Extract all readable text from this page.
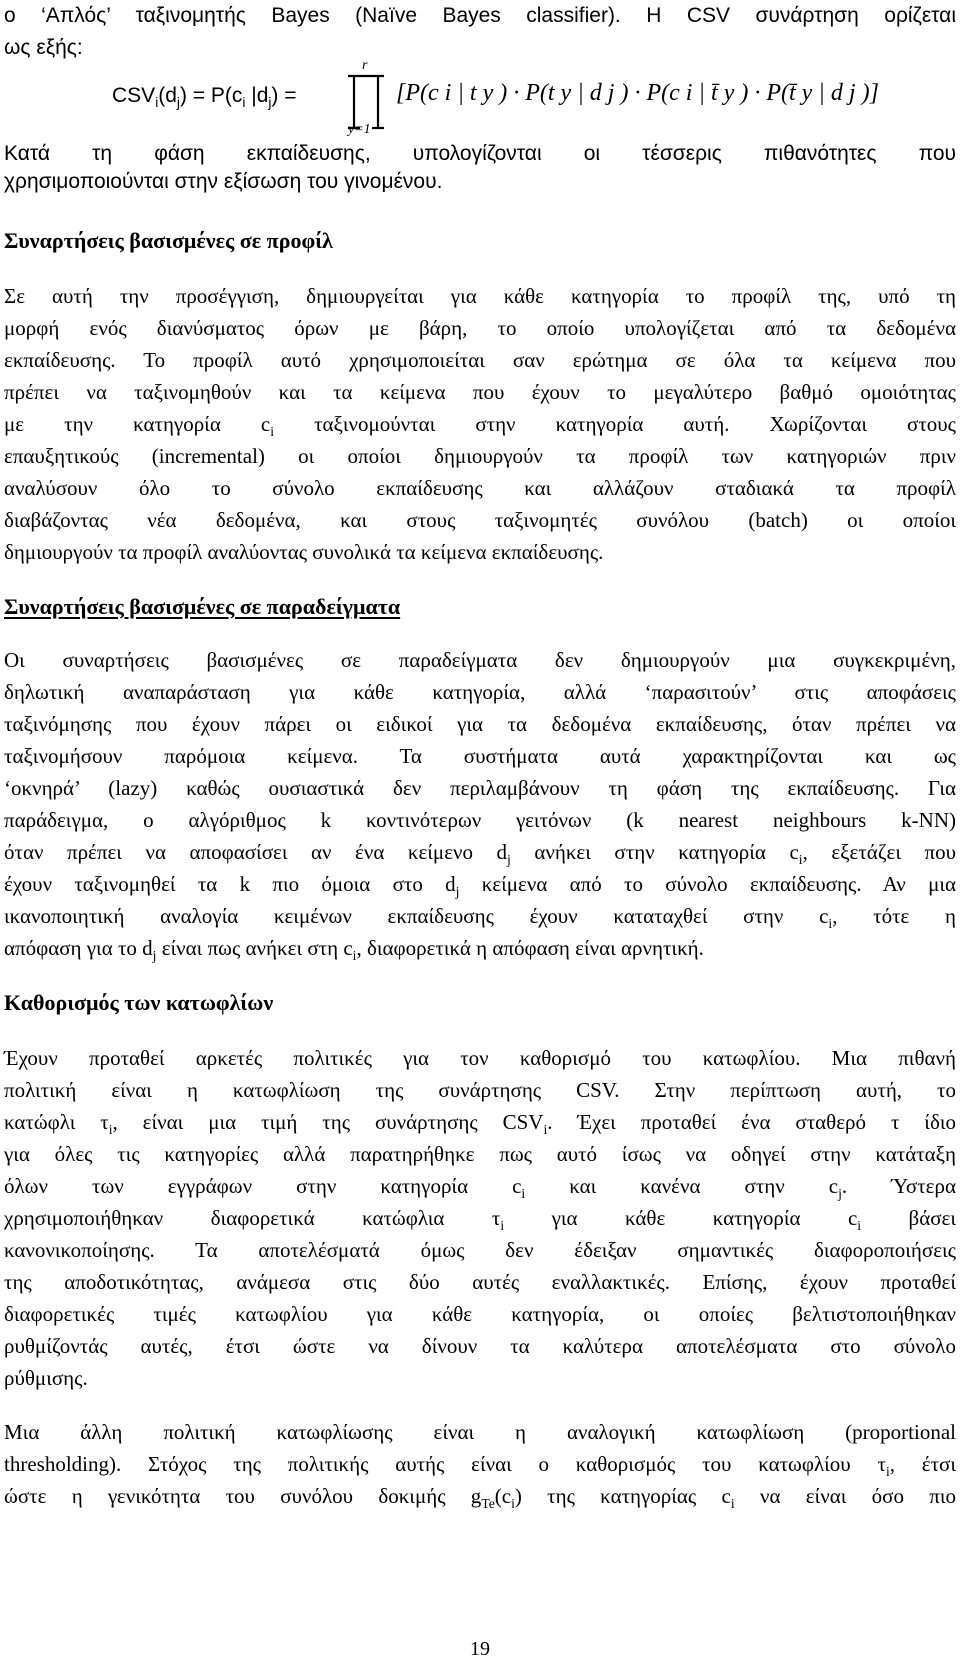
ο ‘Απλός’ ταξινομητής Bayes (Naïve Bayes classifier). Η CSV συνάρτηση ορίζεται
ως εξής:
$CSV_i(d_j) = P(c_i$ $|d_j$) =
r
y=1
[P(c i | t y ) · P(t y | d j ) · P(c i | t̄ y ) · P(t̄ y | d j )]
Κατά τη φάση εκπαίδευσης, υπολογίζονται οι τέσσερις πιθανότητες που
χρησιμοποιούνται στην εξίσωση του γινομένου.
Συναρτήσεις βασισμένες σε προφίλ
Σε αυτή την προσέγγιση, δημιουργείται για κάθε κατηγορία το προφίλ της, υπό τη
μορφή ενός διανύσματος όρων με βάρη, το οποίο υπολογίζεται από τα δεδομένα
εκπαίδευσης. Το προφίλ αυτό χρησιμοποιείται σαν ερώτημα σε όλα τα κείμενα που
πρέπει να ταξινομηθούν και τα κείμενα που έχουν το μεγαλύτερο βαθμό ομοιότητας
με την κατηγορία $c_i$ ταξινομούνται στην κατηγορία αυτή. Χωρίζονται στους
επαυξητικούς (incremental) οι οποίοι δημιουργούν τα προφίλ των κατηγοριών πριν
αναλύσουν όλο το σύνολο εκπαίδευσης και αλλάζουν σταδιακά τα προφίλ
διαβάζοντας νέα δεδομένα, και στους ταξινομητές συνόλου (batch) οι οποίοι
δημιουργούν τα προφίλ αναλύοντας συνολικά τα κείμενα εκπαίδευσης.
Συναρτήσεις βασισμένες σε παραδείγματα
Οι συναρτήσεις βασισμένες σε παραδείγματα δεν δημιουργούν μια συγκεκριμένη,
δηλωτική αναπαράσταση για κάθε κατηγορία, αλλά ‘παρασιτούν’ στις αποφάσεις
ταξινόμησης που έχουν πάρει οι ειδικοί για τα δεδομένα εκπαίδευσης, όταν πρέπει να
ταξινομήσουν παρόμοια κείμενα. Τα συστήματα αυτά χαρακτηρίζονται και ως
‘οκνηρά’ (lazy) καθώς ουσιαστικά δεν περιλαμβάνουν τη φάση της εκπαίδευσης. Για
παράδειγμα, ο αλγόριθμος k κοντινότερων γειτόνων (k nearest neighbours k-NN)
όταν πρέπει να αποφασίσει αν ένα κείμενο $d_j$ ανήκει στην κατηγορία $c_i$, εξετάζει που
έχουν ταξινομηθεί τα k πιο όμοια στο $d_j$ κείμενα από το σύνολο εκπαίδευσης. Αν μια
ικανοποιητική αναλογία κειμένων εκπαίδευσης έχουν καταταχθεί στην $c_i$, τότε η
απόφαση για το $d_j$ είναι πως ανήκει στη $c_i$, διαφορετικά η απόφαση είναι αρνητική.
Καθορισμός των κατωφλίων
Έχουν προταθεί αρκετές πολιτικές για τον καθορισμό του κατωφλίου. Μια πιθανή
πολιτική είναι η κατωφλίωση της συνάρτησης CSV. Στην περίπτωση αυτή, το
κατώφλι $\tau_i$, είναι μια τιμή της συνάρτησης $CSV_i$. Έχει προταθεί ένα σταθερό τ ίδιο
για όλες τις κατηγορίες αλλά παρατηρήθηκε πως αυτό ίσως να οδηγεί στην κατάταξη
όλων των εγγράφων στην κατηγορία $c_i$ και κανένα στην $c_j$. Ύστερα
χρησιμοποιήθηκαν διαφορετικά κατώφλια $\tau_i$ για κάθε κατηγορία $c_i$ βάσει
κανονικοποίησης. Τα αποτελέσματά όμως δεν έδειξαν σημαντικές διαφοροποιήσεις
της αποδοτικότητας, ανάμεσα στις δύο αυτές εναλλακτικές. Επίσης, έχουν προταθεί
διαφορετικές τιμές κατωφλίου για κάθε κατηγορία, οι οποίες βελτιστοποιήθηκαν
ρυθμίζοντάς αυτές, έτσι ώστε να δίνουν τα καλύτερα αποτελέσματα στο σύνολο
ρύθμισης.
Μια άλλη πολιτική κατωφλίωσης είναι η αναλογική κατωφλίωση (proportional
thresholding). Στόχος της πολιτικής αυτής είναι ο καθορισμός του κατωφλίου $\tau_i$, έτσι
ώστε η γενικότητα του συνόλου δοκιμής $g_{Te}(c_i)$ της κατηγορίας $c_i$ να είναι όσο πιο
19
